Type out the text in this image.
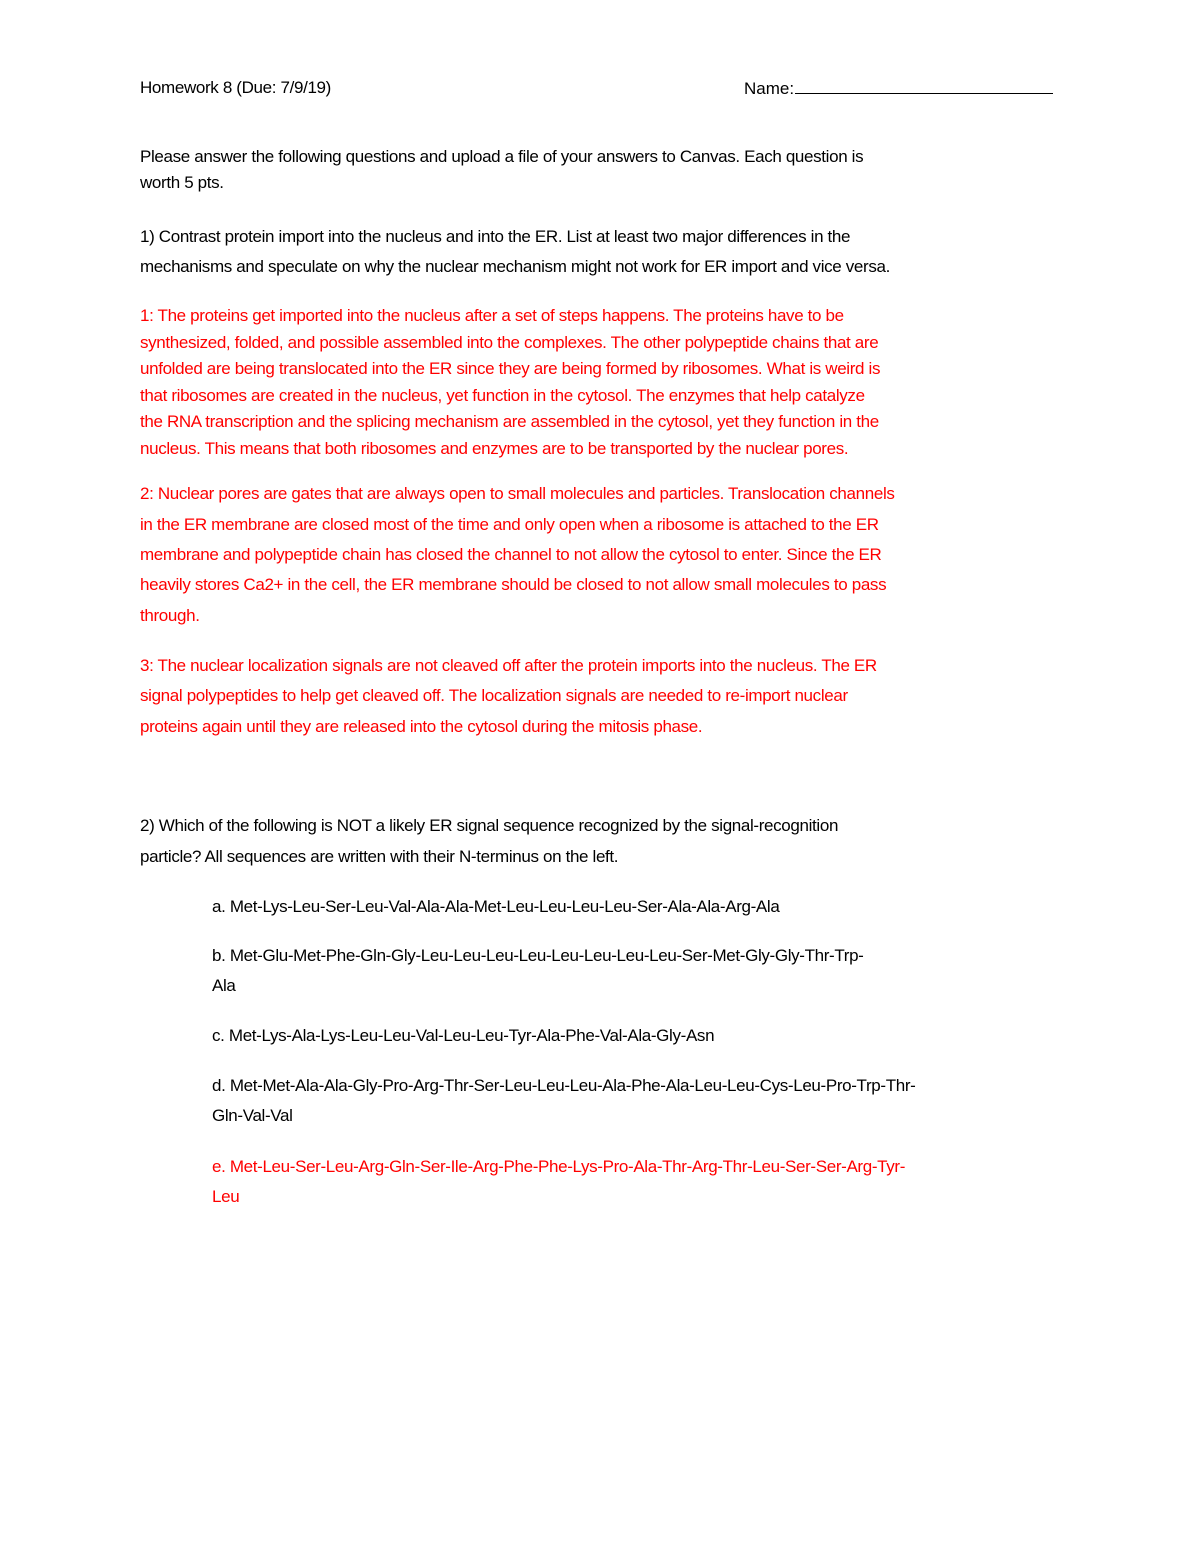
Homework 8 (Due: 7/9/19)	Name:
Please answer the following questions and upload a file of your answers to Canvas. Each question is
worth 5 pts.
1) Contrast protein import into the nucleus and into the ER. List at least two major differences in the
mechanisms and speculate on why the nuclear mechanism might not work for ER import and vice versa.
1: The proteins get imported into the nucleus after a set of steps happens. The proteins have to be
synthesized, folded, and possible assembled into the complexes. The other polypeptide chains that are
unfolded are being translocated into the ER since they are being formed by ribosomes. What is weird is
that ribosomes are created in the nucleus, yet function in the cytosol. The enzymes that help catalyze
the RNA transcription and the splicing mechanism are assembled in the cytosol, yet they function in the
nucleus. This means that both ribosomes and enzymes are to be transported by the nuclear pores.
2: Nuclear pores are gates that are always open to small molecules and particles. Translocation channels
in the ER membrane are closed most of the time and only open when a ribosome is attached to the ER
membrane and polypeptide chain has closed the channel to not allow the cytosol to enter. Since the ER
heavily stores Ca2+ in the cell, the ER membrane should be closed to not allow small molecules to pass
through.
3: The nuclear localization signals are not cleaved off after the protein imports into the nucleus. The ER
signal polypeptides to help get cleaved off. The localization signals are needed to re-import nuclear
proteins again until they are released into the cytosol during the mitosis phase.
2) Which of the following is NOT a likely ER signal sequence recognized by the signal-recognition
particle? All sequences are written with their N-terminus on the left.
a. Met-Lys-Leu-Ser-Leu-Val-Ala-Ala-Met-Leu-Leu-Leu-Leu-Ser-Ala-Ala-Arg-Ala
b. Met-Glu-Met-Phe-Gln-Gly-Leu-Leu-Leu-Leu-Leu-Leu-Leu-Leu-Ser-Met-Gly-Gly-Thr-Trp-
Ala
c. Met-Lys-Ala-Lys-Leu-Leu-Val-Leu-Leu-Tyr-Ala-Phe-Val-Ala-Gly-Asn
d. Met-Met-Ala-Ala-Gly-Pro-Arg-Thr-Ser-Leu-Leu-Leu-Ala-Phe-Ala-Leu-Leu-Cys-Leu-Pro-Trp-Thr-
Gln-Val-Val
e. Met-Leu-Ser-Leu-Arg-Gln-Ser-Ile-Arg-Phe-Phe-Lys-Pro-Ala-Thr-Arg-Thr-Leu-Ser-Ser-Arg-Tyr-
Leu
